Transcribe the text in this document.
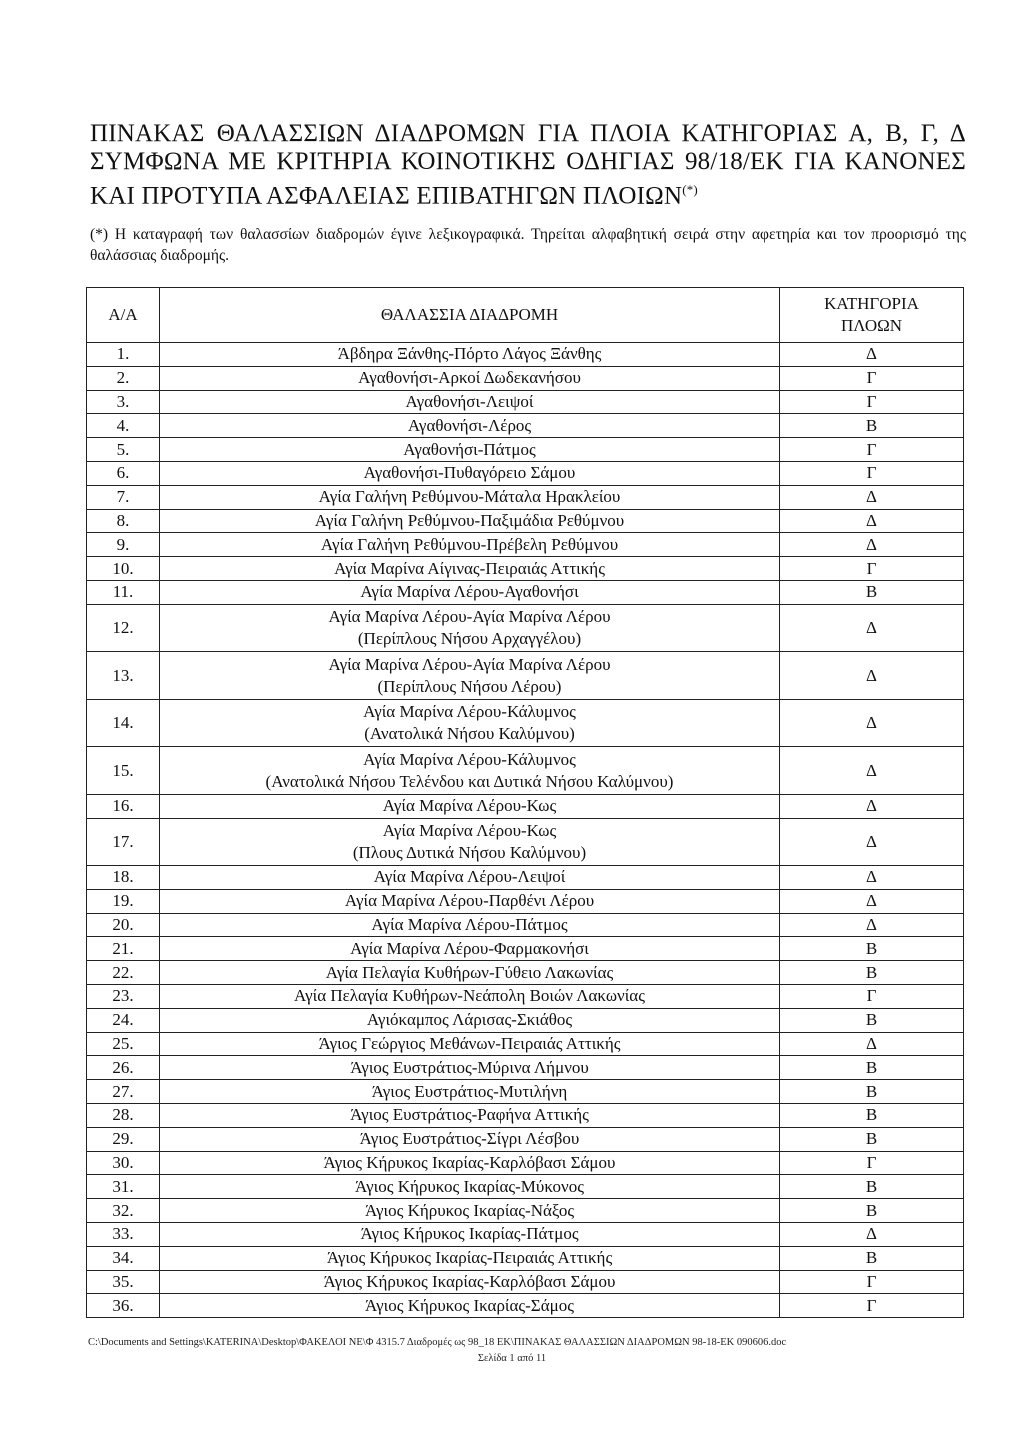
ΠΙΝΑΚΑΣ ΘΑΛΑΣΣΙΩΝ ΔΙΑΔΡΟΜΩΝ ΓΙΑ ΠΛΟΙΑ ΚΑΤΗΓΟΡΙΑΣ Α, Β, Γ, Δ ΣΥΜΦΩΝΑ ΜΕ ΚΡΙΤΗΡΙΑ ΚΟΙΝΟΤΙΚΗΣ ΟΔΗΓΙΑΣ 98/18/ΕΚ ΓΙΑ ΚΑΝΟΝΕΣ ΚΑΙ ΠΡΟΤΥΠΑ ΑΣΦΑΛΕΙΑΣ ΕΠΙΒΑΤΗΓΩΝ ΠΛΟΙΩΝ(*)
(*) Η καταγραφή των θαλασσίων διαδρομών έγινε λεξικογραφικά. Τηρείται αλφαβητική σειρά στην αφετηρία και τον προορισμό της θαλάσσιας διαδρομής.
Α/Α	ΘΑΛΑΣΣΙΑ ΔΙΑΔΡΟΜΗ	ΚΑΤΗΓΟΡΙΑ
ΠΛΟΩΝ
1.	Άβδηρα Ξάνθης-Πόρτο Λάγος Ξάνθης	Δ
2.	Αγαθονήσι-Αρκοί Δωδεκανήσου	Γ
3.	Αγαθονήσι-Λειψοί	Γ
4.	Αγαθονήσι-Λέρος	Β
5.	Αγαθονήσι-Πάτμος	Γ
6.	Αγαθονήσι-Πυθαγόρειο Σάμου	Γ
7.	Αγία Γαλήνη Ρεθύμνου-Μάταλα Ηρακλείου	Δ
8.	Αγία Γαλήνη Ρεθύμνου-Παξιμάδια Ρεθύμνου	Δ
9.	Αγία Γαλήνη Ρεθύμνου-Πρέβελη Ρεθύμνου	Δ
10.	Αγία Μαρίνα Αίγινας-Πειραιάς Αττικής	Γ
11.	Αγία Μαρίνα Λέρου-Αγαθονήσι	Β
12.	Αγία Μαρίνα Λέρου-Αγία Μαρίνα Λέρου
(Περίπλους Νήσου Αρχαγγέλου)	Δ
13.	Αγία Μαρίνα Λέρου-Αγία Μαρίνα Λέρου
(Περίπλους Νήσου Λέρου)	Δ
14.	Αγία Μαρίνα Λέρου-Κάλυμνος
(Ανατολικά Νήσου Καλύμνου)	Δ
15.	Αγία Μαρίνα Λέρου-Κάλυμνος
(Ανατολικά Νήσου Τελένδου και Δυτικά Νήσου Καλύμνου)	Δ
16.	Αγία Μαρίνα Λέρου-Κως	Δ
17.	Αγία Μαρίνα Λέρου-Κως
(Πλους Δυτικά Νήσου Καλύμνου)	Δ
18.	Αγία Μαρίνα Λέρου-Λειψοί	Δ
19.	Αγία Μαρίνα Λέρου-Παρθένι Λέρου	Δ
20.	Αγία Μαρίνα Λέρου-Πάτμος	Δ
21.	Αγία Μαρίνα Λέρου-Φαρμακονήσι	Β
22.	Αγία Πελαγία Κυθήρων-Γύθειο Λακωνίας	Β
23.	Αγία Πελαγία Κυθήρων-Νεάπολη Βοιών Λακωνίας	Γ
24.	Αγιόκαμπος Λάρισας-Σκιάθος	Β
25.	Άγιος Γεώργιος Μεθάνων-Πειραιάς Αττικής	Δ
26.	Άγιος Ευστράτιος-Μύρινα Λήμνου	Β
27.	Άγιος Ευστράτιος-Μυτιλήνη	Β
28.	Άγιος Ευστράτιος-Ραφήνα Αττικής	Β
29.	Άγιος Ευστράτιος-Σίγρι Λέσβου	Β
30.	Άγιος Κήρυκος Ικαρίας-Καρλόβασι Σάμου	Γ
31.	Άγιος Κήρυκος Ικαρίας-Μύκονος	Β
32.	Άγιος Κήρυκος Ικαρίας-Νάξος	Β
33.	Άγιος Κήρυκος Ικαρίας-Πάτμος	Δ
34.	Άγιος Κήρυκος Ικαρίας-Πειραιάς Αττικής	Β
35.	Άγιος Κήρυκος Ικαρίας-Καρλόβασι Σάμου	Γ
36.	Άγιος Κήρυκος Ικαρίας-Σάμος	Γ
C:\Documents and Settings\KATERINA\Desktop\ΦΑΚΕΛΟΙ ΝΕ\Φ 4315.7 Διαδρομές ως 98_18 ΕΚ\ΠΙΝΑΚΑΣ ΘΑΛΑΣΣΙΩΝ ΔΙΑΔΡΟΜΩΝ 98-18-ΕΚ 090606.doc
Σελίδα 1 από 11
